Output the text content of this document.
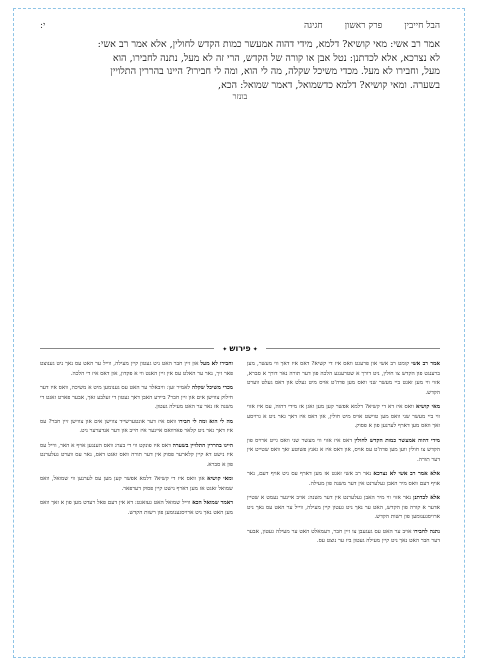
הבל חייבין
פרק ראשון
חגיגה
י:

אמר רב אשי: מאי קושיא? דלמא, מידי דהוה אמעשר כמות הקדש לחולין, אלא אמר רב אשי:

לא נצרכא, אלא לכדתנן: נטל אבן או קורה של הקדש, הרי זה לא מעל, נתנה לחבירו, הוא

מעל, וחבירו לא מעל. מכדי משיכל שקלה, מה לי הוא, ומה לי חבירו? היינו בהררין התלויין

בשערה. ומאי קושיא? דלמא כדשמואל, דאמר שמואל: הכא,

בונזר
✦ פירוש ✦

אמר רב אשי קומט רב אשי און פרעגט וואס איז די קשיא? דאס איז דאך ווי מעשר, מען ברענגט פון הקדש צו חולין, ניט דורך א שטרענגע הלכה פון דער תורה נאר דורך א סברא, אזוי ווי מען זאגט ביי מעשר שני וואס מען פדה'ט אויס מיט געלט און דאס געלט ווערט הקדש.

מאי קושיא וואס איז דא די קשיא? דלמא אפשר קען מען זאגן אז מידי דהוה, עס איז אזוי ווי ביי מעשר שני וואס מען טוישט אויס מיט חולין, און דאס איז דאך גאר ניט א גרויסע זאך וואס מען דארף לערנען פון א פסוק.

מידי דהוה אמעשר כמות הקדש לחולין דאס איז אזוי ווי מעשר שני וואס גייט ארויס פון הקדש צו חולין ווען מען פדה'ט עס אויס, און דאס איז א גאנץ פשוטע זאך וואס שטייט אין דער תורה.

אלא אמר רב אשי לא נצרכא נאר רב אשי זאגט אז מען דארף עס ניט אויף דעם, נאר אויף דעם וואס מיר האבן געלערנט אין דער משנה פון מעילה.

אלא לכדתנן נאר אזוי ווי מיר האבן געלערנט אין דער משנה: אויב איינער נעמט א שטיין אדער א קורה פון הקדש, האט ער נאך ניט געטון קיין מעילה, ווייל ער האט עס נאך ניט ארויסגענומען פון רשות הקדש.

נתנה לחבירו אויב ער האט עס געגעבן צו זיין חבר, דעמאלט האט ער מעילה געטון, אבער דער חבר האט נאך ניט קיין מעילה געטון ביז ער נוצט עס.

וחבירו לא מעל און זיין חבר האט ניט געטון קיין מעילה, ווייל ער האט עס נאך ניט גענוצט פאר זיך, נאר ער האלט עס אין זיין האנט ווי א פקדון, און דאס איז די הלכה.

מכדי משיכל שקלה לאמיר זען: וויבאלד ער האט עס גענומען מיט א משיכה, וואס איז דער חילוק צווישן אים און זיין חבר? ביידע האבן דאך געטון די זעלבע זאך, אבער פארט זאגט די משנה אז נאר ער האט מעילה געטון.

מה לי הוא ומה לי חבירו וואס איז דער אונטערשייד צווישן אים און צווישן זיין חבר? עס איז דאך גאר ניט קלאר פארוואס איינער איז חייב און דער אנדערער ניט.

היינו בהררין התלויין בשערה דאס איז פונקט ווי די בערג וואס הענגען אויף א האר, ווייל עס איז נישט דא קיין קלארער פסוק אין דער תורה וואס זאגט דאס, נאר עס ווערט געלערנט פון א סברא.

ומאי קושיא און וואס איז די קשיא? דלמא אפשר קען מען עס לערנען ווי שמואל, וואס שמואל זאגט אז מען דארף נישט קיין פסוק דערפאר.

דאמר שמואל הכא ווייל שמואל האט געזאגט: דא אין דעם פאל רעדט מען פון א זאך וואס מען האט נאך ניט ארויסגענומען פון רשות הקדש.
